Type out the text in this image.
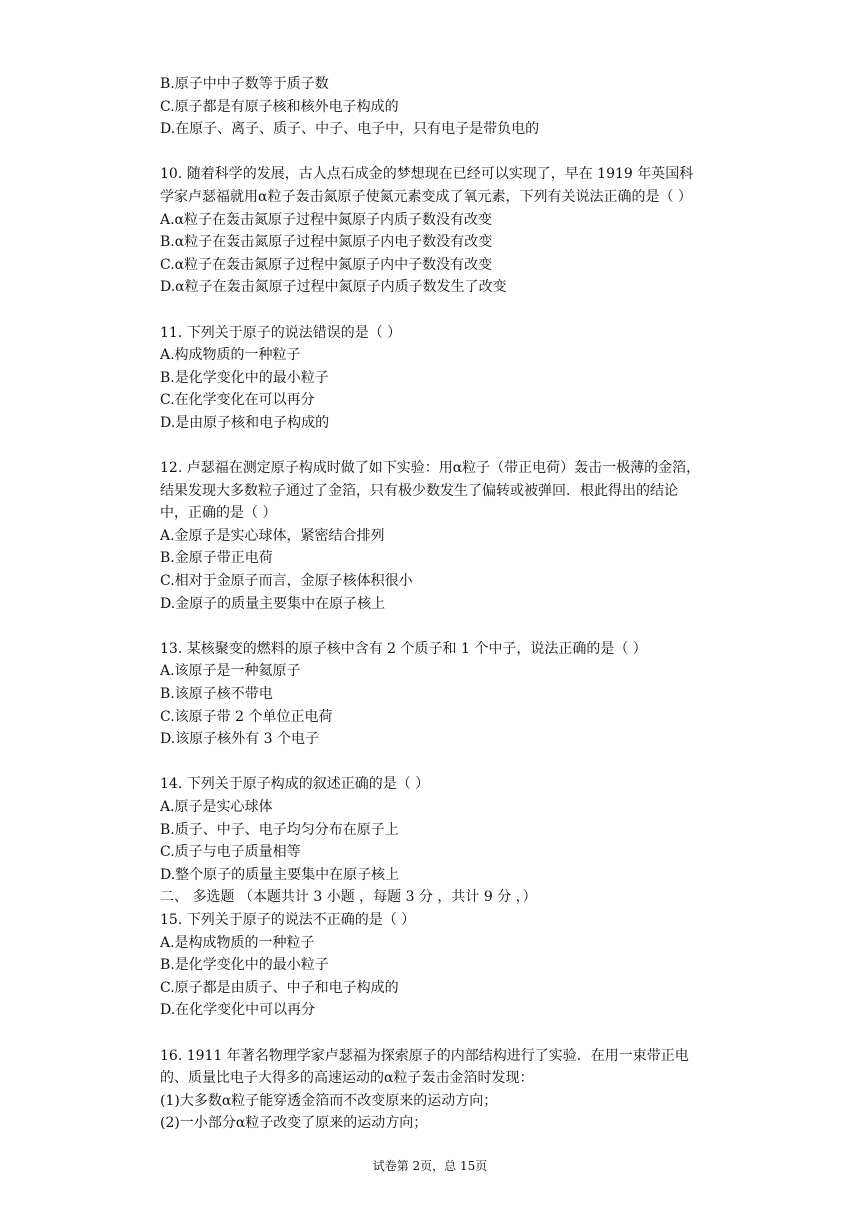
B.原子中中子数等于质子数
C.原子都是有原子核和核外电子构成的
D.在原子、离子、质子、中子、电子中，只有电子是带负电的
10. 随着科学的发展，古人点石成金的梦想现在已经可以实现了，早在 1919 年英国科
学家卢瑟福就用α粒子轰击氮原子使氮元素变成了氧元素，下列有关说法正确的是（ ）
A.α粒子在轰击氮原子过程中氮原子内质子数没有改变
B.α粒子在轰击氮原子过程中氮原子内电子数没有改变
C.α粒子在轰击氮原子过程中氮原子内中子数没有改变
D.α粒子在轰击氮原子过程中氮原子内质子数发生了改变
11. 下列关于原子的说法错误的是（ ）
A.构成物质的一种粒子
B.是化学变化中的最小粒子
C.在化学变化在可以再分
D.是由原子核和电子构成的
12. 卢瑟福在测定原子构成时做了如下实验：用α粒子（带正电荷）轰击一极薄的金箔，
结果发现大多数粒子通过了金箔，只有极少数发生了偏转或被弹回．根此得出的结论
中，正确的是（ ）
A.金原子是实心球体，紧密结合排列
B.金原子带正电荷
C.相对于金原子而言，金原子核体积很小
D.金原子的质量主要集中在原子核上
13. 某核聚变的燃料的原子核中含有 2 个质子和 1 个中子，说法正确的是（ ）
A.该原子是一种氦原子
B.该原子核不带电
C.该原子带 2 个单位正电荷
D.该原子核外有 3 个电子
14. 下列关于原子构成的叙述正确的是（ ）
A.原子是实心球体
B.质子、中子、电子均匀分布在原子上
C.质子与电子质量相等
D.整个原子的质量主要集中在原子核上
二、 多选题 （本题共计 3 小题 ，每题 3 分 ，共计 9 分 ，）
15. 下列关于原子的说法不正确的是（ ）
A.是构成物质的一种粒子
B.是化学变化中的最小粒子
C.原子都是由质子、中子和电子构成的
D.在化学变化中可以再分
16. 1911 年著名物理学家卢瑟福为探索原子的内部结构进行了实验．在用一束带正电
的、质量比电子大得多的高速运动的α粒子轰击金箔时发现：
(1)大多数α粒子能穿透金箔而不改变原来的运动方向；
(2)一小部分α粒子改变了原来的运动方向；
试卷第 2页，总 15页
